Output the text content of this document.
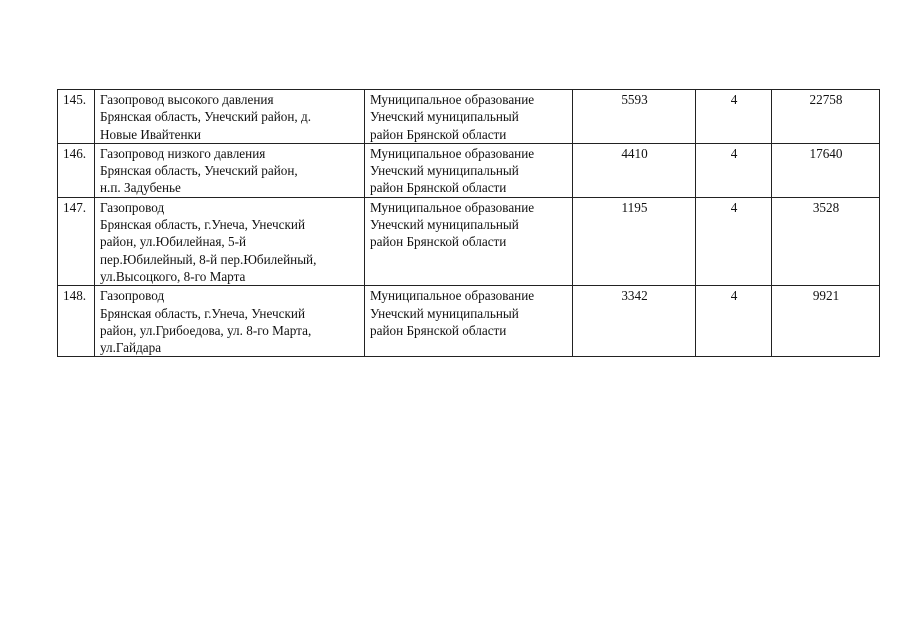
145.	Газопровод высокого давления
Брянская область, Унечский район, д.
Новые Ивайтенки	Муниципальное образование
Унечский муниципальный
район Брянской области	5593	4	22758
146.	Газопровод низкого давления
Брянская область, Унечский район,
н.п. Задубенье	Муниципальное образование
Унечский муниципальный
район Брянской области	4410	4	17640
147.	Газопровод
Брянская область, г.Унеча, Унечский
район, ул.Юбилейная, 5-й
пер.Юбилейный, 8-й пер.Юбилейный,
ул.Высоцкого, 8-го Марта	Муниципальное образование
Унечский муниципальный
район Брянской области	1195	4	3528
148.	Газопровод
Брянская область, г.Унеча, Унечский
район, ул.Грибоедова, ул. 8-го Марта,
ул.Гайдара	Муниципальное образование
Унечский муниципальный
район Брянской области	3342	4	9921
